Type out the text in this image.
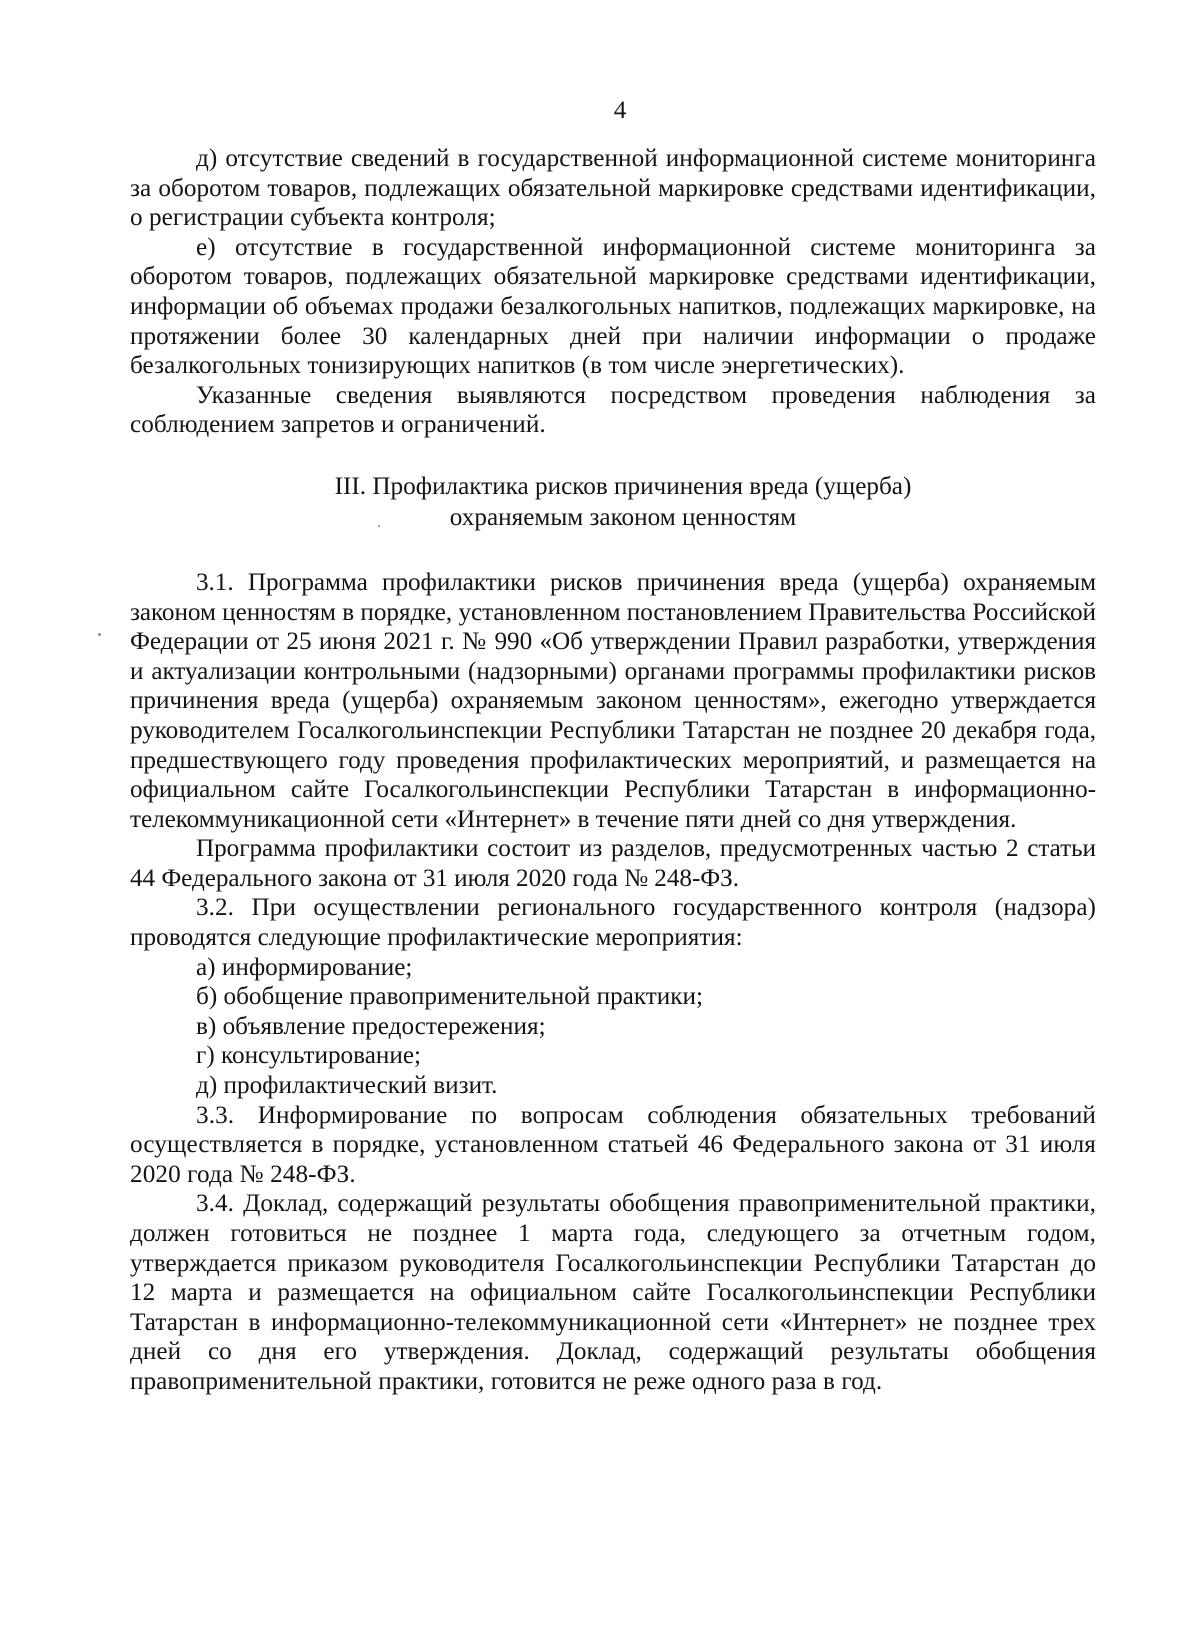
4

д) отсутствие сведений в государственной информационной системе мониторинга за оборотом товаров, подлежащих обязательной маркировке средствами идентификации, о регистрации субъекта контроля;

е) отсутствие в государственной информационной системе мониторинга за оборотом товаров, подлежащих обязательной маркировке средствами идентификации, информации об объемах продажи безалкогольных напитков, подлежащих маркировке, на протяжении более 30 календарных дней при наличии информации о продаже безалкогольных тонизирующих напитков (в том числе энергетических).

Указанные сведения выявляются посредством проведения наблюдения за соблюдением запретов и ограничений.

III. Профилактика рисков причинения вреда (ущерба)
охраняемым законом ценностям

3.1. Программа профилактики рисков причинения вреда (ущерба) охраняемым законом ценностям в порядке, установленном постановлением Правительства Российской Федерации от 25 июня 2021 г. № 990 «Об утверждении Правил разработки, утверждения и актуализации контрольными (надзорными) органами программы профилактики рисков причинения вреда (ущерба) охраняемым законом ценностям», ежегодно утверждается руководителем Госалкогольинспекции Республики Татарстан не позднее 20 декабря года, предшествующего году проведения профилактических мероприятий, и размещается на официальном сайте Госалкогольинспекции Республики Татарстан в информационно-телекоммуникационной сети «Интернет» в течение пяти дней со дня утверждения.

Программа профилактики состоит из разделов, предусмотренных частью 2 статьи 44 Федерального закона от 31 июля 2020 года № 248-ФЗ.

3.2. При осуществлении регионального государственного контроля (надзора) проводятся следующие профилактические мероприятия:

а) информирование;

б) обобщение правоприменительной практики;

в) объявление предостережения;

г) консультирование;

д) профилактический визит.

3.3. Информирование по вопросам соблюдения обязательных требований осуществляется в порядке, установленном статьей 46 Федерального закона от 31 июля 2020 года № 248-ФЗ.

3.4. Доклад, содержащий результаты обобщения правоприменительной практики, должен готовиться не позднее 1 марта года, следующего за отчетным годом, утверждается приказом руководителя Госалкогольинспекции Республики Татарстан до 12 марта и размещается на официальном сайте Госалкогольинспекции Республики Татарстан в информационно-телекоммуникационной сети «Интернет» не позднее трех дней со дня его утверждения. Доклад, содержащий результаты обобщения правоприменительной практики, готовится не реже одного раза в год.
